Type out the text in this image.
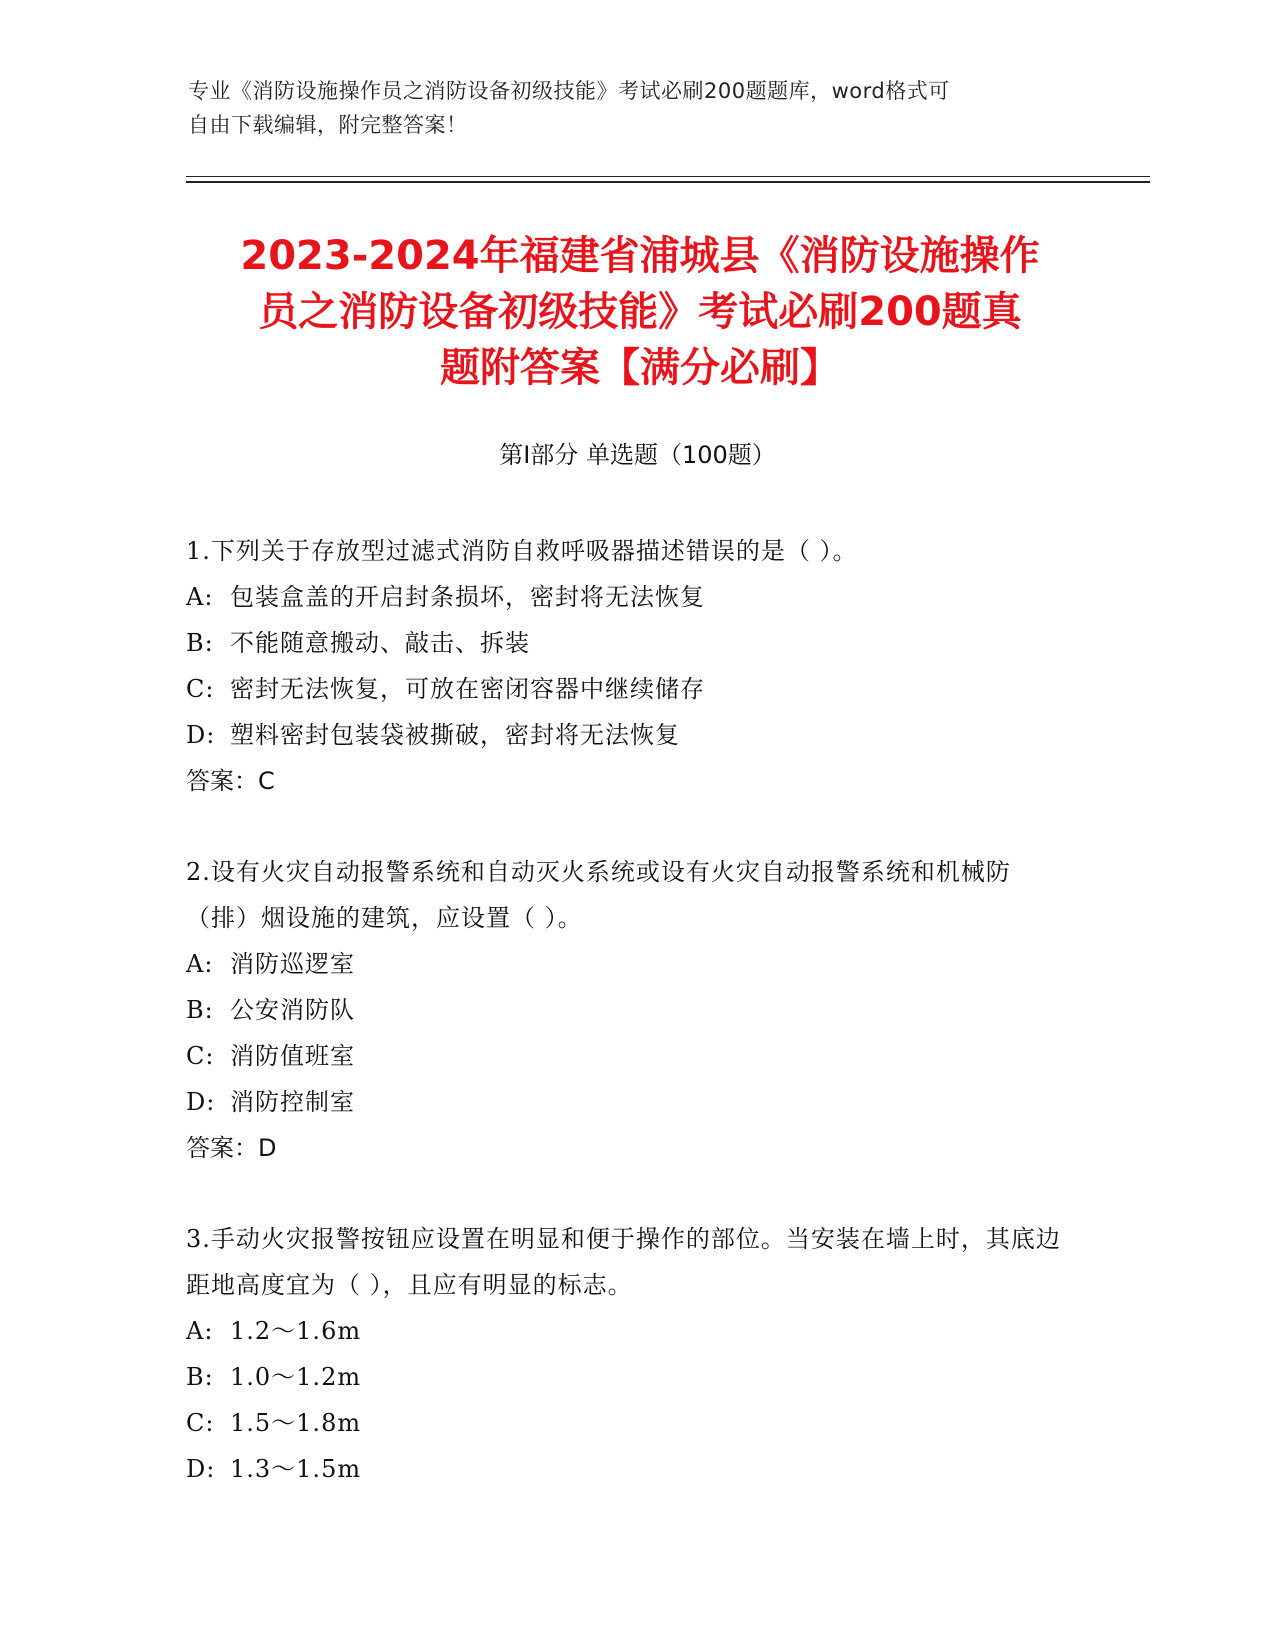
专业《消防设施操作员之消防设备初级技能》考试必刷200题题库，word格式可
自由下载编辑，附完整答案！
2023-2024年福建省浦城县《消防设施操作
员之消防设备初级技能》考试必刷200题真
题附答案【满分必刷】
第I部分 单选题（100题）
1.下列关于存放型过滤式消防自救呼吸器描述错误的是（ ）。
A: 包装盒盖的开启封条损坏，密封将无法恢复
B: 不能随意搬动、敲击、拆装
C: 密封无法恢复，可放在密闭容器中继续储存
D: 塑料密封包装袋被撕破，密封将无法恢复
答案：C
2.设有火灾自动报警系统和自动灭火系统或设有火灾自动报警系统和机械防（排）烟设施的建筑，应设置（ ）。
A: 消防巡逻室
B: 公安消防队
C: 消防值班室
D: 消防控制室
答案：D
3.手动火灾报警按钮应设置在明显和便于操作的部位。当安装在墙上时，其底边距地高度宜为（ ），且应有明显的标志。
A: 1.2～1.6m
B: 1.0～1.2m
C: 1.5～1.8m
D: 1.3～1.5m
